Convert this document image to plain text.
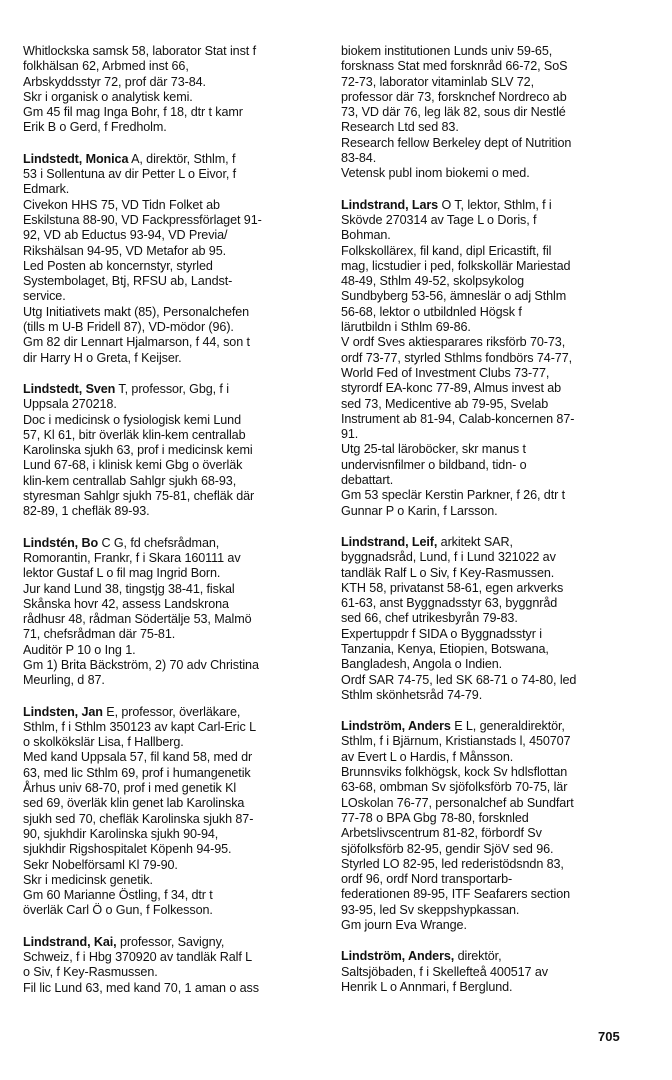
Whitlockska samsk 58, laborator Stat inst f
folkhälsan 62, Arbmed inst 66,
Arbskyddsstyr 72, prof där 73-84.
Skr i organisk o analytisk kemi.
Gm 45 fil mag Inga Bohr, f 18, dtr t kamr
Erik B o Gerd, f Fredholm.
Lindstedt, Monica A, direktör, Sthlm, f
53 i Sollentuna av dir Petter L o Eivor, f
Edmark.
Civekon HHS 75, VD Tidn Folket ab
Eskilstuna 88-90, VD Fackpressförlaget 91-
92, VD ab Eductus 93-94, VD Previa/
Rikshälsan 94-95, VD Metafor ab 95.
Led Posten ab koncernstyr, styrled
Systembolaget, Btj, RFSU ab, Landst-
service.
Utg Initiativets makt (85), Personalchefen
(tills m U-B Fridell 87), VD-mödor (96).
Gm 82 dir Lennart Hjalmarson, f 44, son t
dir Harry H o Greta, f Keijser.
Lindstedt, Sven T, professor, Gbg, f i
Uppsala 270218.
Doc i medicinsk o fysiologisk kemi Lund
57, Kl 61, bitr överläk klin-kem centrallab
Karolinska sjukh 63, prof i medicinsk kemi
Lund 67-68, i klinisk kemi Gbg o överläk
klin-kem centrallab Sahlgr sjukh 68-93,
styresman Sahlgr sjukh 75-81, chefläk där
82-89, 1 chefläk 89-93.
Lindstén, Bo C G, fd chefsrådman,
Romorantin, Frankr, f i Skara 160111 av
lektor Gustaf L o fil mag Ingrid Born.
Jur kand Lund 38, tingstjg 38-41, fiskal
Skånska hovr 42, assess Landskrona
rådhusr 48, rådman Södertälje 53, Malmö
71, chefsrådman där 75-81.
Auditör P 10 o Ing 1.
Gm 1) Brita Bäckström, 2) 70 adv Christina
Meurling, d 87.
Lindsten, Jan E, professor, överläkare,
Sthlm, f i Sthlm 350123 av kapt Carl-Eric L
o skolkökslär Lisa, f Hallberg.
Med kand Uppsala 57, fil kand 58, med dr
63, med lic Sthlm 69, prof i humangenetik
Århus univ 68-70, prof i med genetik Kl
sed 69, överläk klin genet lab Karolinska
sjukh sed 70, chefläk Karolinska sjukh 87-
90, sjukhdir Karolinska sjukh 90-94,
sjukhdir Rigshospitalet Köpenh 94-95.
Sekr Nobelförsaml Kl 79-90.
Skr i medicinsk genetik.
Gm 60 Marianne Östling, f 34, dtr t
överläk Carl Ö o Gun, f Folkesson.
Lindstrand, Kai, professor, Savigny,
Schweiz, f i Hbg 370920 av tandläk Ralf L
o Siv, f Key-Rasmussen.
Fil lic Lund 63, med kand 70, 1 aman o ass
biokem institutionen Lunds univ 59-65,
forsknass Stat med forsknråd 66-72, SoS
72-73, laborator vitaminlab SLV 72,
professor där 73, forsknchef Nordreco ab
73, VD där 76, leg läk 82, sous dir Nestlé
Research Ltd sed 83.
Research fellow Berkeley dept of Nutrition
83-84.
Vetensk publ inom biokemi o med.
Lindstrand, Lars O T, lektor, Sthlm, f i
Skövde 270314 av Tage L o Doris, f
Bohman.
Folkskollärex, fil kand, dipl Ericastift, fil
mag, licstudier i ped, folkskollär Mariestad
48-49, Sthlm 49-52, skolpsykolog
Sundbyberg 53-56, ämneslär o adj Sthlm
56-68, lektor o utbildnled Högsk f
lärutbildn i Sthlm 69-86.
V ordf Sves aktiesparares riksförb 70-73,
ordf 73-77, styrled Sthlms fondbörs 74-77,
World Fed of Investment Clubs 73-77,
styrordf EA-konc 77-89, Almus invest ab
sed 73, Medicentive ab 79-95, Svelab
Instrument ab 81-94, Calab-koncernen 87-
91.
Utg 25-tal läroböcker, skr manus t
undervisnfilmer o bildband, tidn- o
debattart.
Gm 53 speclär Kerstin Parkner, f 26, dtr t
Gunnar P o Karin, f Larsson.
Lindstrand, Leif, arkitekt SAR,
byggnadsråd, Lund, f i Lund 321022 av
tandläk Ralf L o Siv, f Key-Rasmussen.
KTH 58, privatanst 58-61, egen arkverks
61-63, anst Byggnadsstyr 63, byggnråd
sed 66, chef utrikesbyrån 79-83.
Expertuppdr f SIDA o Byggnadsstyr i
Tanzania, Kenya, Etiopien, Botswana,
Bangladesh, Angola o Indien.
Ordf SAR 74-75, led SK 68-71 o 74-80, led
Sthlm skönhetsråd 74-79.
Lindström, Anders E L, generaldirektör,
Sthlm, f i Bjärnum, Kristianstads l, 450707
av Evert L o Hardis, f Månsson.
Brunnsviks folkhögsk, kock Sv hdlsflottan
63-68, ombman Sv sjöfolksförb 70-75, lär
LOskolan 76-77, personalchef ab Sundfart
77-78 o BPA Gbg 78-80, forsknled
Arbetslivscentrum 81-82, förbordf Sv
sjöfolksförb 82-95, gendir SjöV sed 96.
Styrled LO 82-95, led rederistödsndn 83,
ordf 96, ordf Nord transportarb-
federationen 89-95, ITF Seafarers section
93-95, led Sv skeppshypkassan.
Gm journ Eva Wrange.
Lindström, Anders, direktör,
Saltsjöbaden, f i Skellefteå 400517 av
Henrik L o Annmari, f Berglund.
705
